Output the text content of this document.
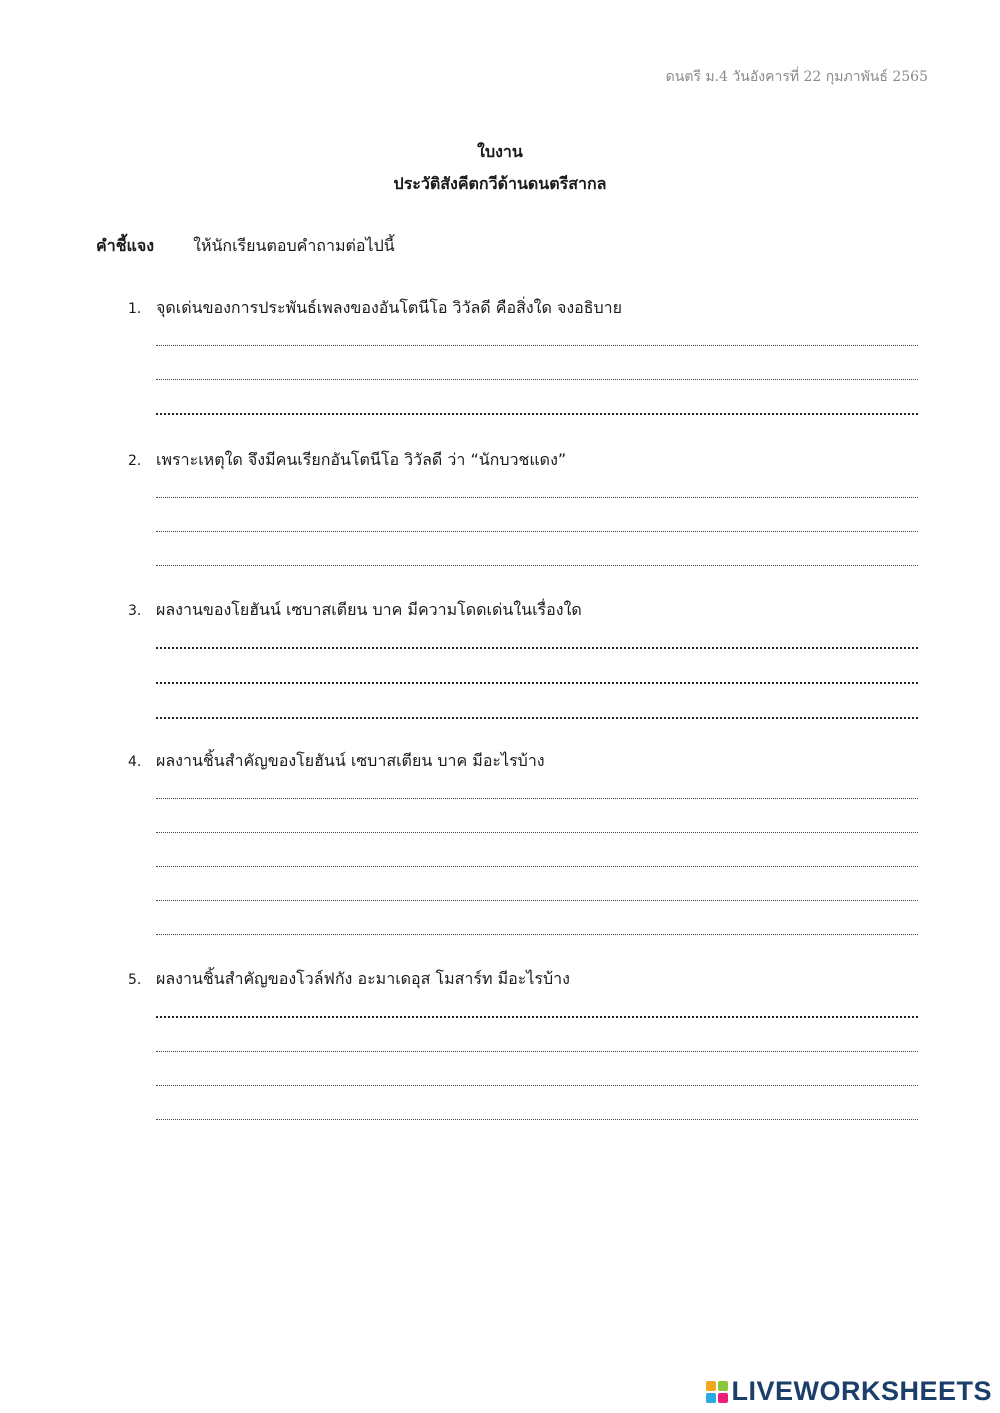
ดนตรี ม.4 วันอังคารที่ 22 กุมภาพันธ์ 2565
ใบงาน
ประวัติสังคีตกวีด้านดนตรีสากล
คำชี้แจง ให้นักเรียนตอบคำถามต่อไปนี้
1. จุดเด่นของการประพันธ์เพลงของอันโตนีโอ วิวัลดี คือสิ่งใด จงอธิบาย
2. เพราะเหตุใด จึงมีคนเรียกอันโตนีโอ วิวัลดี ว่า “นักบวชแดง”
3. ผลงานของโยฮันน์ เซบาสเตียน บาค มีความโดดเด่นในเรื่องใด
4. ผลงานชิ้นสำคัญของโยฮันน์ เซบาสเตียน บาค มีอะไรบ้าง
5. ผลงานชิ้นสำคัญของโวล์ฟกัง อะมาเดอุส โมสาร์ท มีอะไรบ้าง
LIVEWORKSHEETS
